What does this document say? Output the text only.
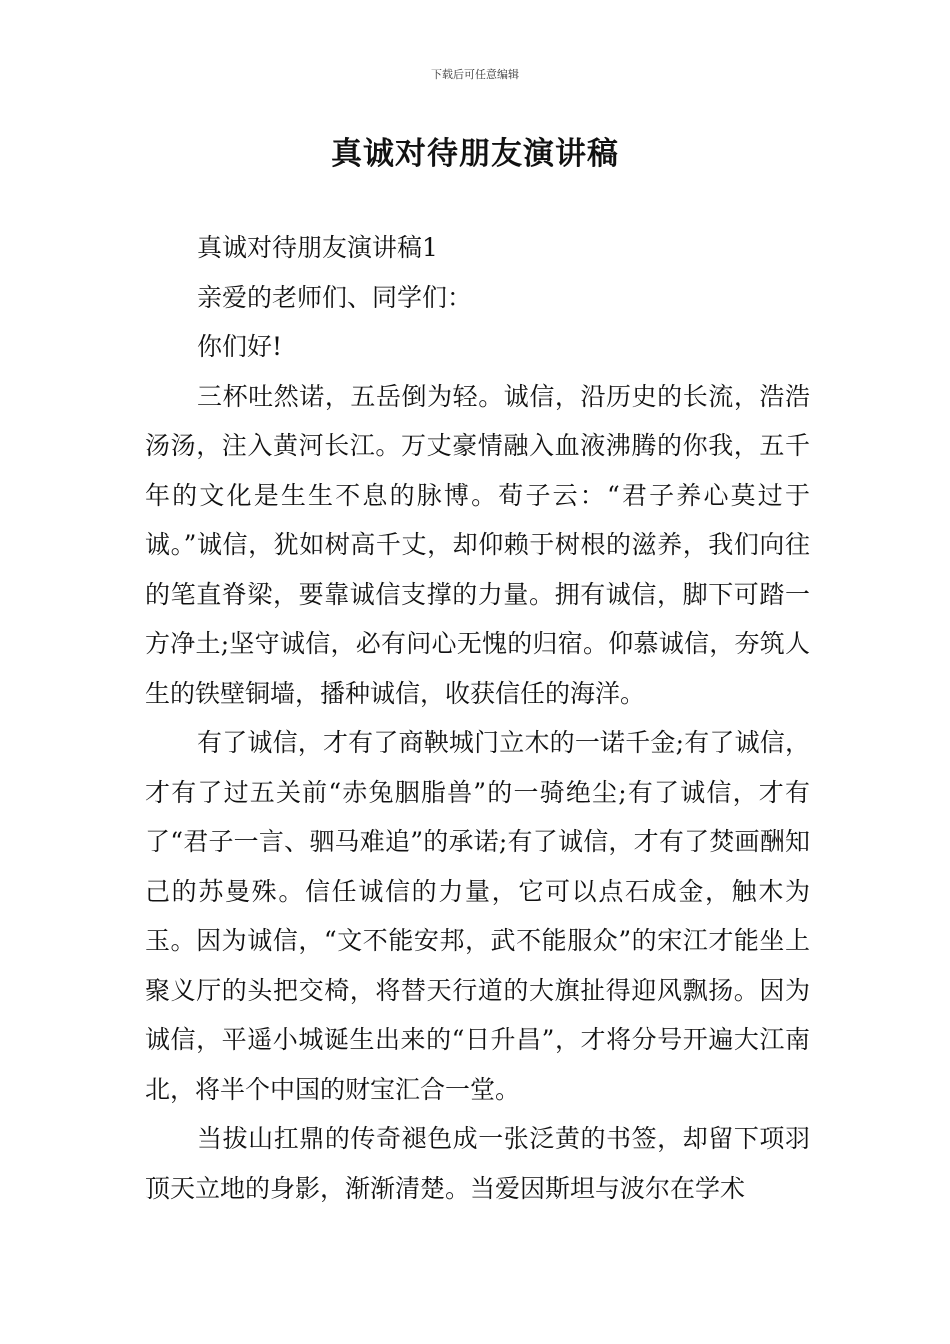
下载后可任意编辑
真诚对待朋友演讲稿

真诚对待朋友演讲稿1

亲爱的老师们、同学们：

你们好!

三杯吐然诺，五岳倒为轻。诚信，沿历史的长流，浩浩汤汤，注入黄河长江。万丈豪情融入血液沸腾的你我，五千年的文化是生生不息的脉博。荀子云：“君子养心莫过于诚。”诚信，犹如树高千丈，却仰赖于树根的滋养，我们向往的笔直脊梁，要靠诚信支撑的力量。拥有诚信，脚下可踏一方净土;坚守诚信，必有问心无愧的归宿。仰慕诚信，夯筑人生的铁壁铜墙，播种诚信，收获信任的海洋。

有了诚信，才有了商鞅城门立木的一诺千金;有了诚信，才有了过五关前“赤兔胭脂兽”的一骑绝尘;有了诚信，才有了“君子一言、驷马难追”的承诺;有了诚信，才有了焚画酬知己的苏曼殊。信任诚信的力量，它可以点石成金，触木为玉。因为诚信，“文不能安邦，武不能服众”的宋江才能坐上聚义厅的头把交椅，将替天行道的大旗扯得迎风飘扬。因为诚信，平遥小城诞生出来的“日升昌”，才将分号开遍大江南北，将半个中国的财宝汇合一堂。

当拔山扛鼎的传奇褪色成一张泛黄的书签，却留下项羽顶天立地的身影，渐渐清楚。当爱因斯坦与波尔在学术
